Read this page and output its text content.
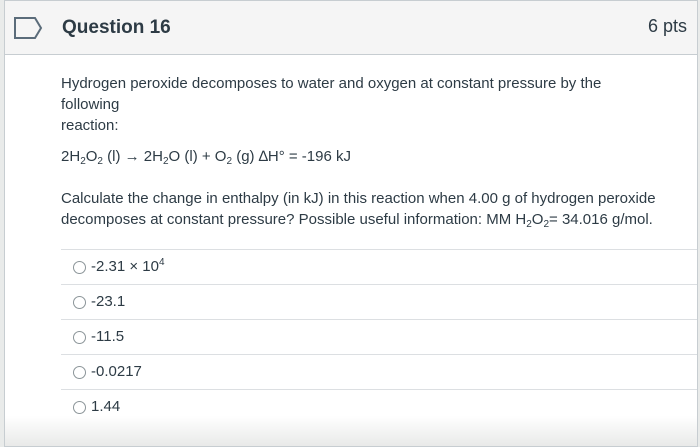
Question 16	6 pts
Hydrogen peroxide decomposes to water and oxygen at constant pressure by the following
reaction:
$2H_2O_2$ $(l) \to 2H_2O$ $(l) + O_2$ (g) ∆H° = -196 kJ
Calculate the change in enthalpy (in kJ) in this reaction when 4.00 g of hydrogen peroxide
decomposes at constant pressure? Possible useful information: MM $H_2O_2= 34.016$ g/mol.
$-2.31 \times 10^4$
-23.1
-11.5
-0.0217
1.44
